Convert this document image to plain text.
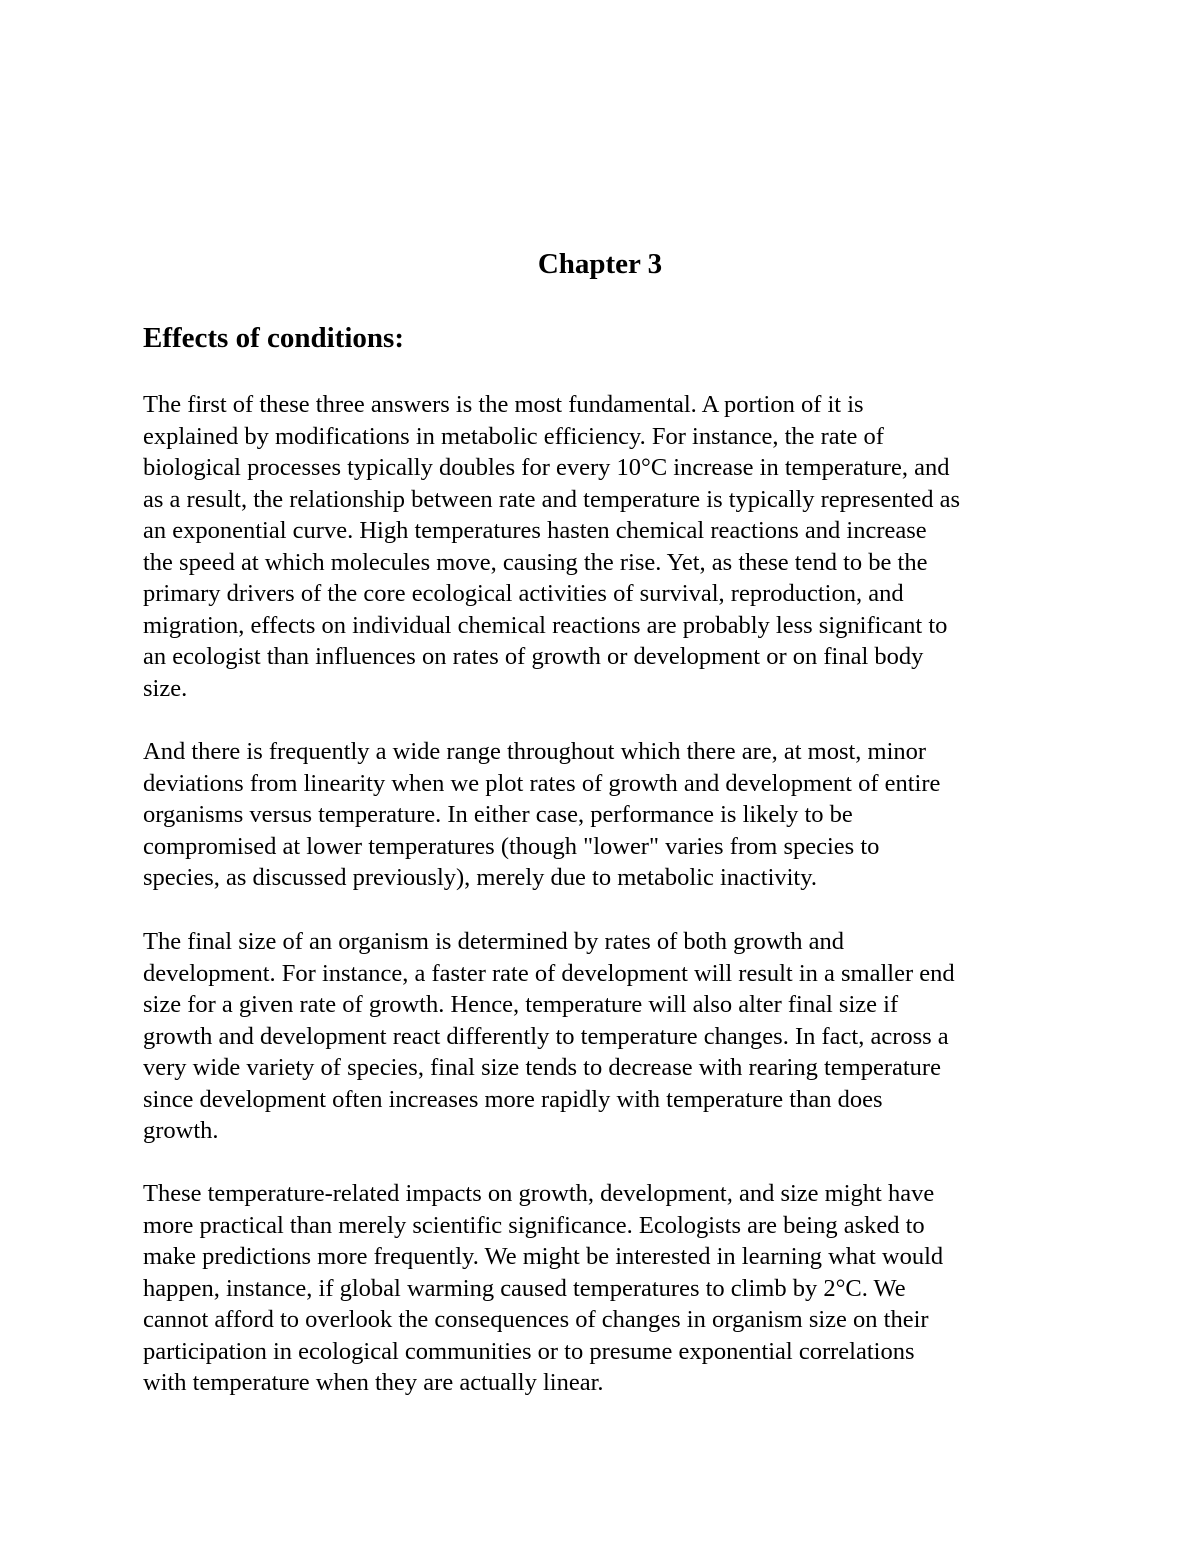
Chapter 3
Effects of conditions:

The first of these three answers is the most fundamental. A portion of it is
explained by modifications in metabolic efficiency. For instance, the rate of
biological processes typically doubles for every 10°C increase in temperature, and
as a result, the relationship between rate and temperature is typically represented as
an exponential curve. High temperatures hasten chemical reactions and increase
the speed at which molecules move, causing the rise. Yet, as these tend to be the
primary drivers of the core ecological activities of survival, reproduction, and
migration, effects on individual chemical reactions are probably less significant to
an ecologist than influences on rates of growth or development or on final body
size.

And there is frequently a wide range throughout which there are, at most, minor
deviations from linearity when we plot rates of growth and development of entire
organisms versus temperature. In either case, performance is likely to be
compromised at lower temperatures (though "lower" varies from species to
species, as discussed previously), merely due to metabolic inactivity.

The final size of an organism is determined by rates of both growth and
development. For instance, a faster rate of development will result in a smaller end
size for a given rate of growth. Hence, temperature will also alter final size if
growth and development react differently to temperature changes. In fact, across a
very wide variety of species, final size tends to decrease with rearing temperature
since development often increases more rapidly with temperature than does
growth.

These temperature-related impacts on growth, development, and size might have
more practical than merely scientific significance. Ecologists are being asked to
make predictions more frequently. We might be interested in learning what would
happen, instance, if global warming caused temperatures to climb by 2°C. We
cannot afford to overlook the consequences of changes in organism size on their
participation in ecological communities or to presume exponential correlations
with temperature when they are actually linear.
